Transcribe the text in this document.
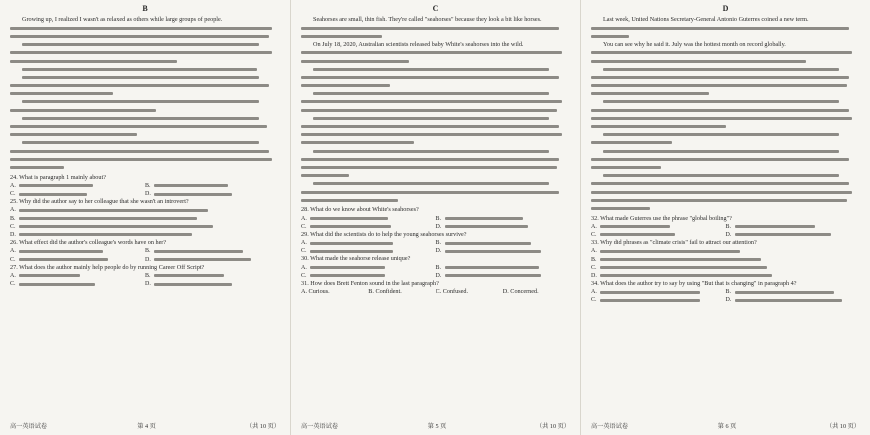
B
Growing up, I realized I wasn't as relaxed as others while large groups of people.
24. What is paragraph 1 mainly about?
A.	B.
C.	D.
25. Why did the author say to her colleague that she wasn't an introvert?
A.
B.
C.
D.
26. What effect did the author's colleague's words have on her?
A.	B.
C.	D.
27. What does the author mainly help people do by running Career Off Script?
A.	B.
C.	D.
高一英语试卷	第 4 页	（共 10 页）
C
Seahorses are small, thin fish. They're called "seahorses" because they look a bit like horses.
On July 18, 2020, Australian scientists released baby White's seahorses into the wild.
28. What do we know about White's seahorses?
A.	B.
C.	D.
29. What did the scientists do to help the young seahorses survive?
A.	B.
C.	D.
30. What made the seahorse release unique?
A.	B.
C.	D.
31. How does Brett Fenton sound in the last paragraph?
A. Curious.	B. Confident.	C. Confused.	D. Concerned.
高一英语试卷	第 5 页	（共 10 页）
D
Last week, United Nations Secretary-General Antonio Guterres coined a new term.
You can see why he said it. July was the hottest month on record globally.
32. What made Guterres use the phrase "global boiling"?
A.	B.
C.	D.
33. Why did phrases as "climate crisis" fail to attract our attention?
A.
B.
C.
D.
34. What does the author try to say by using "But that is changing" in paragraph 4?
A.	B.
C.	D.
高一英语试卷	第 6 页	（共 10 页）
